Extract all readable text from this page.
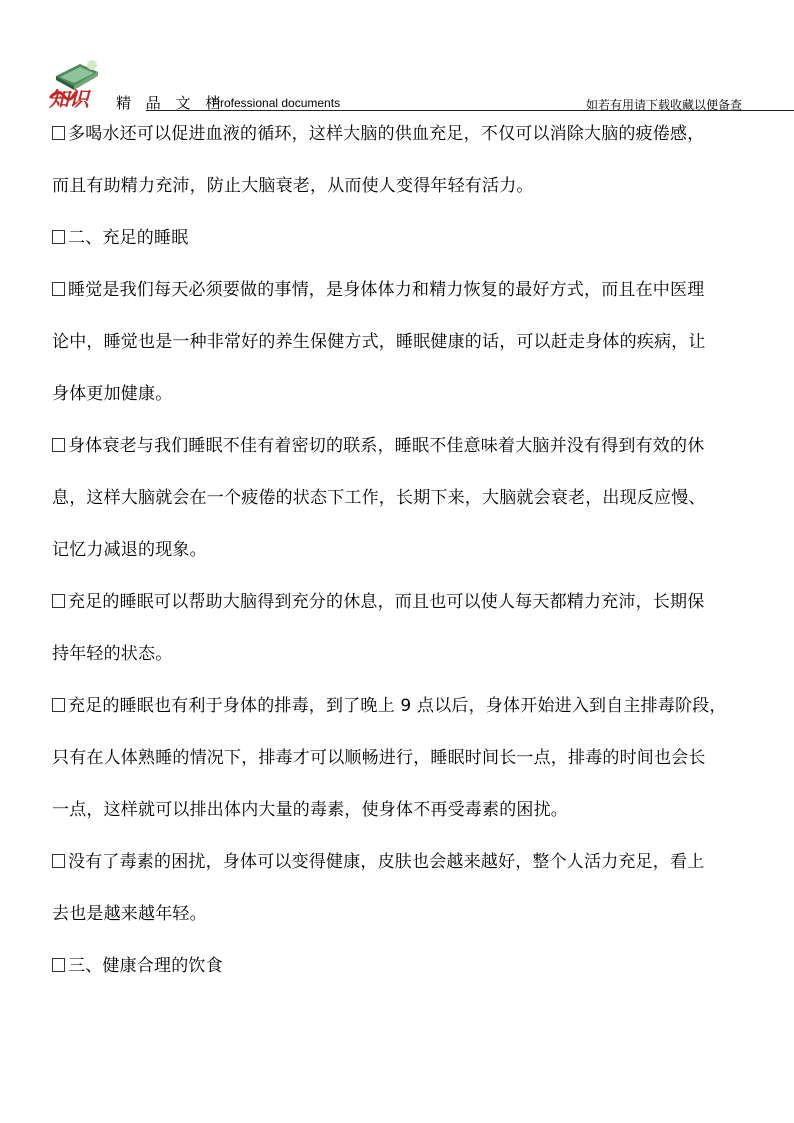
知识 精 品 文 档
Professional documents	如若有用请下载收藏以便备查

多喝水还可以促进血液的循环，这样大脑的供血充足，不仅可以消除大脑的疲倦感，
而且有助精力充沛，防止大脑衰老，从而使人变得年轻有活力。

二、充足的睡眠

睡觉是我们每天必须要做的事情，是身体体力和精力恢复的最好方式，而且在中医理
论中，睡觉也是一种非常好的养生保健方式，睡眠健康的话，可以赶走身体的疾病，让
身体更加健康。

身体衰老与我们睡眠不佳有着密切的联系，睡眠不佳意味着大脑并没有得到有效的休
息，这样大脑就会在一个疲倦的状态下工作，长期下来，大脑就会衰老，出现反应慢、
记忆力减退的现象。

充足的睡眠可以帮助大脑得到充分的休息，而且也可以使人每天都精力充沛，长期保
持年轻的状态。

充足的睡眠也有利于身体的排毒，到了晚上 9 点以后，身体开始进入到自主排毒阶段，
只有在人体熟睡的情况下，排毒才可以顺畅进行，睡眠时间长一点，排毒的时间也会长
一点，这样就可以排出体内大量的毒素，使身体不再受毒素的困扰。

没有了毒素的困扰，身体可以变得健康，皮肤也会越来越好，整个人活力充足，看上
去也是越来越年轻。

三、健康合理的饮食
